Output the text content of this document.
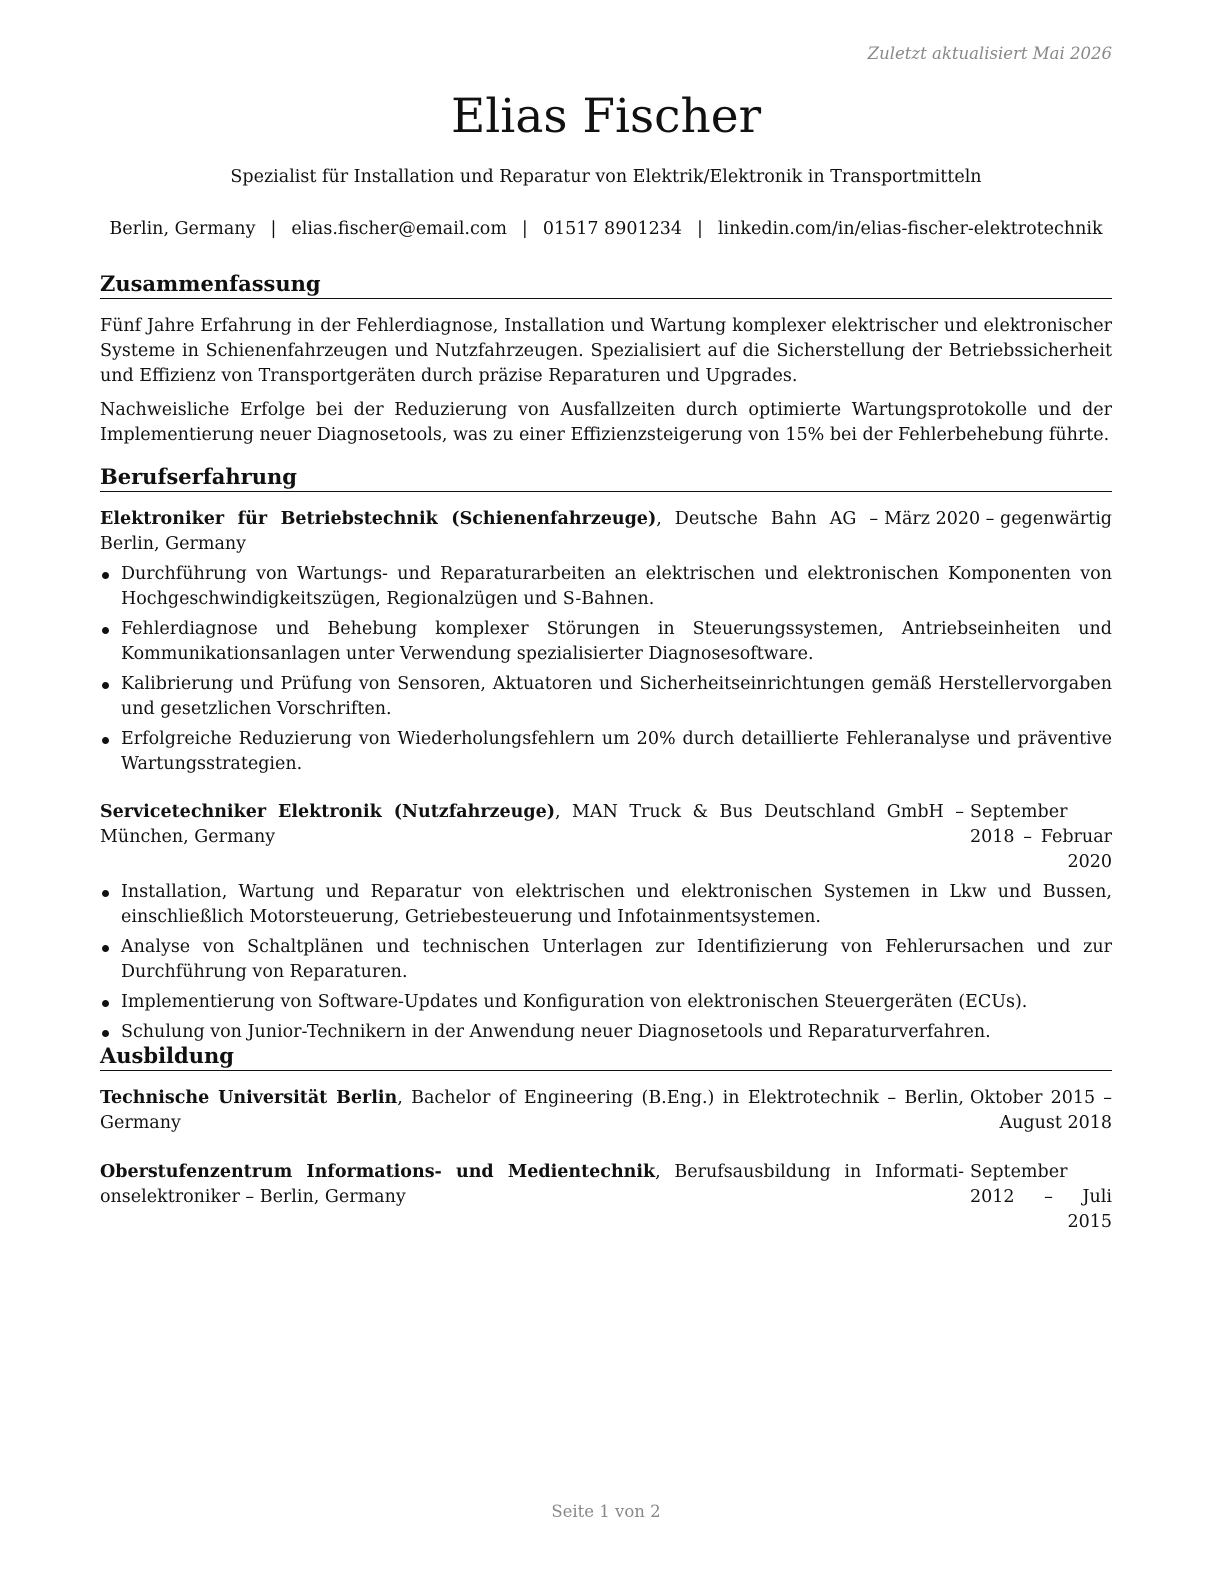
Zuletzt aktualisiert Mai 2026
Elias Fischer
Spezialist für Installation und Reparatur von Elektrik/Elektronik in Transportmitteln
Berlin, Germany | elias.fischer@email.com | 01517 8901234 | linkedin.com/in/elias-fischer-elektrotechnik
Zusammenfassung

Fünf Jahre Erfahrung in der Fehlerdiagnose, Installation und Wartung komplexer elektrischer und elektronischer Systeme in Schienenfahrzeugen und Nutzfahrzeugen. Spezialisiert auf die Sicherstellung der Betriebssicherheit und Effizienz von Transportgeräten durch präzise Reparaturen und Upgrades.

Nachweisliche Erfolge bei der Reduzierung von Ausfallzeiten durch optimierte Wartungsprotokolle und der Implementierung neuer Diagnosetools, was zu einer Effizienzsteigerung von 15% bei der Fehlerbehebung führte.

Berufserfahrung
Elektroniker für Betriebstechnik (Schienenfahrzeuge), Deutsche Bahn AG – Berlin, Germany
März 2020 – gegenwärtig
Durchführung von Wartungs- und Reparaturarbeiten an elektrischen und elektronischen Komponenten von Hochgeschwindigkeitszügen, Regionalzügen und S-Bahnen.
Fehlerdiagnose und Behebung komplexer Störungen in Steuerungssystemen, Antriebseinheiten und Kommunikationsanlagen unter Verwendung spezialisierter Diagnosesoftware.
Kalibrierung und Prüfung von Sensoren, Aktuatoren und Sicherheitseinrichtungen gemäß Herstellervorgaben und gesetzlichen Vorschriften.
Erfolgreiche Reduzierung von Wiederholungsfehlern um 20% durch detaillierte Fehleranalyse und präventive Wartungsstrategien.
Servicetechniker Elektronik (Nutzfahrzeuge), MAN Truck & Bus Deutschland GmbH – München, Germany
September 2018 – Februar 2020
Installation, Wartung und Reparatur von elektrischen und elektronischen Systemen in Lkw und Bussen, einschließlich Motorsteuerung, Getriebesteuerung und Infotainmentsystemen.
Analyse von Schaltplänen und technischen Unterlagen zur Identifizierung von Fehlerursachen und zur Durchführung von Reparaturen.
Implementierung von Software-Updates und Konfiguration von elektronischen Steuergeräten (ECUs).
Schulung von Junior-Technikern in der Anwendung neuer Diagnosetools und Reparaturverfahren.
Ausbildung
Technische Universität Berlin, Bachelor of Engineering (B.Eng.) in Elektrotechnik – Berlin, Germany
Oktober 2015 – August 2018
Oberstufenzentrum Informations- und Medientechnik, Berufsausbildung in Informationselektroniker – Berlin, Germany
September 2012 – Juli 2015
Seite 1 von 2
